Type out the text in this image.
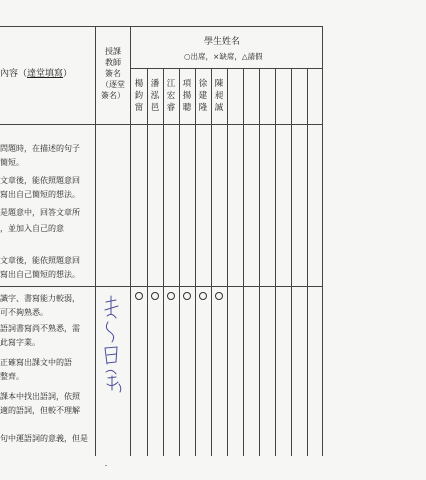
內容（達堂填寫）
授課
教師
簽名
（逐堂
簽名）
學生姓名
○出席，×缺席，△請假
楊
鈞
甯
潘
泓
邑
江
宏
睿
項
揚
聰
徐
建
隆
陳
昶
誠
問題時，在描述的句子
簡短。
文章後，能依照題意回
寫出自己簡短的想法。
是題意中，回答文章所
，並加入自己的意
文章後，能依照題意回
寫出自己簡短的想法。
識字、書寫能力較弱，
可不夠熟悉。
語詞書寫尚不熟悉，需
此寫字業。
正確寫出課文中的語
整齊。
課本中找出語詞，依照
適的語詞，但較不理解
句中運語詞的意義，但是
